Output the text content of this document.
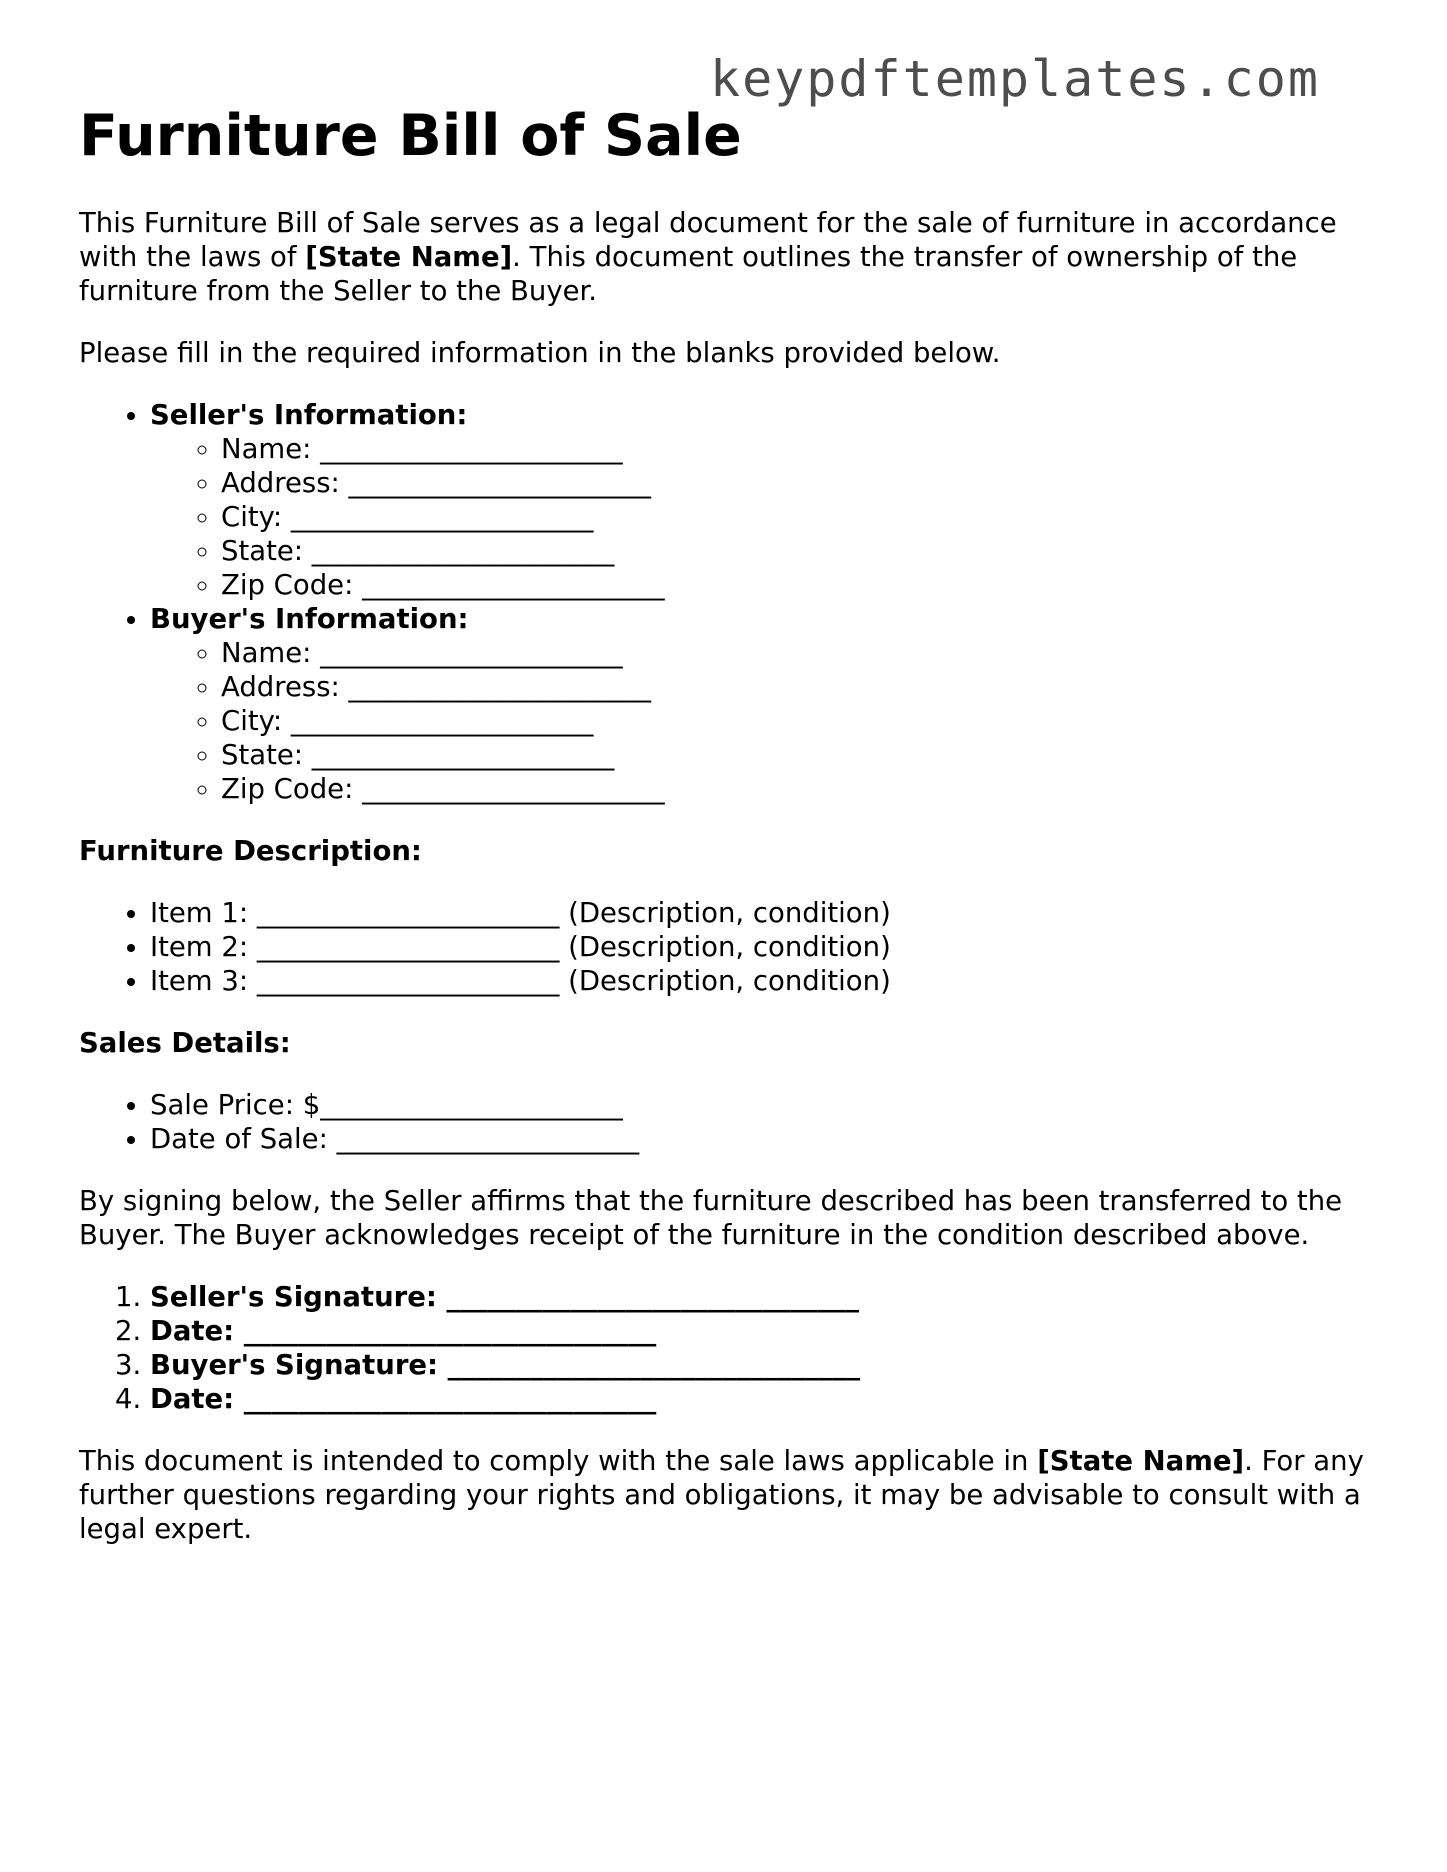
keypdftemplates.com
Furniture Bill of Sale

This Furniture Bill of Sale serves as a legal document for the sale of furniture in accordance with the laws of [State Name]. This document outlines the transfer of ownership of the furniture from the Seller to the Buyer.

Please fill in the required information in the blanks provided below.

• Seller's Information:
◦ Name: ______________________
◦ Address: ______________________
◦ City: ______________________
◦ State: ______________________
◦ Zip Code: ______________________
• Buyer's Information:
◦ Name: ______________________
◦ Address: ______________________
◦ City: ______________________
◦ State: ______________________
◦ Zip Code: ______________________

Furniture Description:

• Item 1: ______________________ (Description, condition)
• Item 2: ______________________ (Description, condition)
• Item 3: ______________________ (Description, condition)

Sales Details:

• Sale Price: $______________________
• Date of Sale: ______________________

By signing below, the Seller affirms that the furniture described has been transferred to the Buyer. The Buyer acknowledges receipt of the furniture in the condition described above.

1. Seller's Signature: ______________________________
2. Date: ______________________________
3. Buyer's Signature: ______________________________
4. Date: ______________________________

This document is intended to comply with the sale laws applicable in [State Name]. For any further questions regarding your rights and obligations, it may be advisable to consult with a legal expert.
